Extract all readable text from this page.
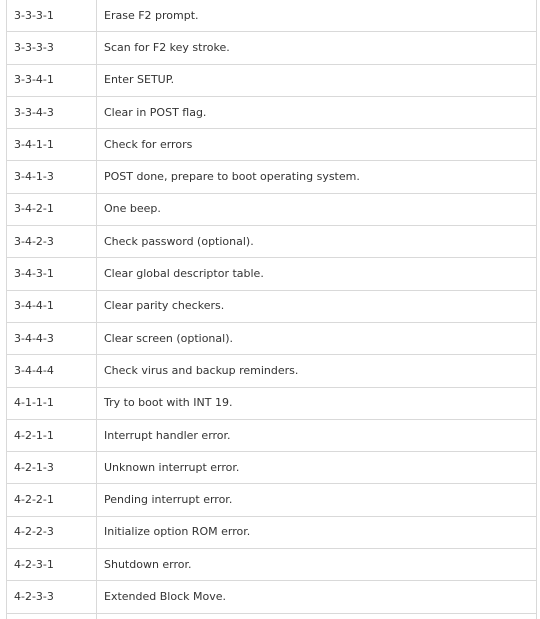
3-3-3-1	Erase F2 prompt.
3-3-3-3	Scan for F2 key stroke.
3-3-4-1	Enter SETUP.
3-3-4-3	Clear in POST flag.
3-4-1-1	Check for errors
3-4-1-3	POST done, prepare to boot operating system.
3-4-2-1	One beep.
3-4-2-3	Check password (optional).
3-4-3-1	Clear global descriptor table.
3-4-4-1	Clear parity checkers.
3-4-4-3	Clear screen (optional).
3-4-4-4	Check virus and backup reminders.
4-1-1-1	Try to boot with INT 19.
4-2-1-1	Interrupt handler error.
4-2-1-3	Unknown interrupt error.
4-2-2-1	Pending interrupt error.
4-2-2-3	Initialize option ROM error.
4-2-3-1	Shutdown error.
4-2-3-3	Extended Block Move.
